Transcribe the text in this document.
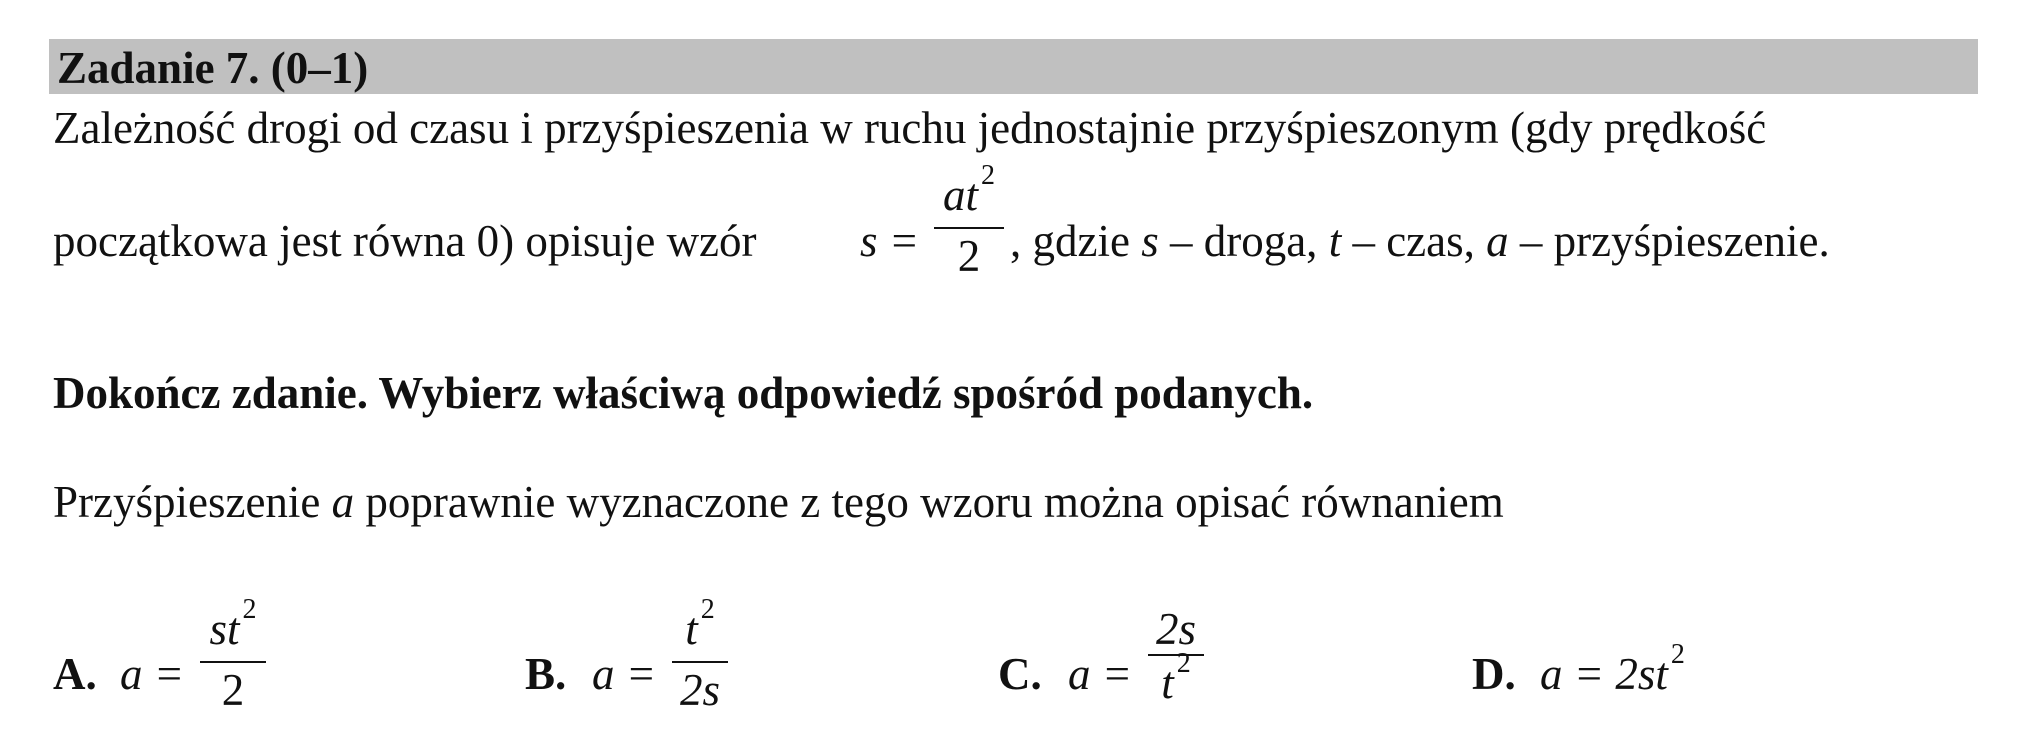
Zadanie 7. (0–1)
Zależność drogi od czasu i przyśpieszenia w ruchu jednostajnie przyśpieszonym (gdy prędkość
początkowa jest równa 0) opisuje wzór s =
at $^2$
2 , gdzie s – droga, t – czas, a – przyśpieszenie.
Dokończ zdanie. Wybierz właściwą odpowiedź spośród podanych.
Przyśpieszenie a poprawnie wyznaczone z tego wzoru można opisać równaniem
A. a =
st $^2$
2	B. a =
t $^2$
2s	C. a =
2s
t $^2$	D. a = 2st $^2$
